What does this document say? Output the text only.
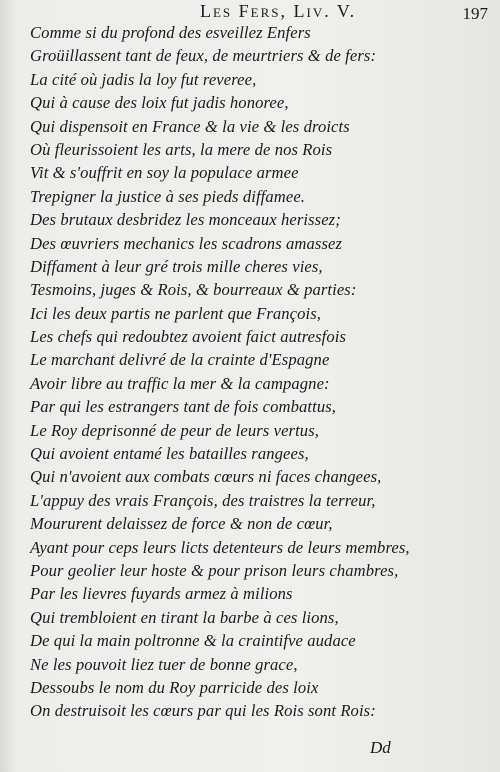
Les Fers, Liv. V.	197
Comme si du profond des esveillez Enfers
Groüillassent tant de feux, de meurtriers & de fers:
La cité où jadis la loy fut reveree,
Qui à cause des loix fut jadis honoree,
Qui dispensoit en France & la vie & les droicts
Où fleurissoient les arts, la mere de nos Rois
Vit & s'ouffrit en soy la populace armee
Trepigner la justice à ses pieds diffamee.
Des brutaux desbridez les monceaux herissez;
Des œuvriers mechanics les scadrons amassez
Diffament à leur gré trois mille cheres vies,
Tesmoins, juges & Rois, & bourreaux & parties:
Ici les deux partis ne parlent que François,
Les chefs qui redoubtez avoient faict autresfois
Le marchant delivré de la crainte d'Espagne
Avoir libre au traffic la mer & la campagne:
Par qui les estrangers tant de fois combattus,
Le Roy deprisonné de peur de leurs vertus,
Qui avoient entamé les batailles rangees,
Qui n'avoient aux combats cœurs ni faces changees,
L'appuy des vrais François, des traistres la terreur,
Moururent delaissez de force & non de cœur,
Ayant pour ceps leurs licts detenteurs de leurs membres,
Pour geolier leur hoste & pour prison leurs chambres,
Par les lievres fuyards armez à milions
Qui trembloient en tirant la barbe à ces lions,
De qui la main poltronne & la craintifve audace
Ne les pouvoit liez tuer de bonne grace,
Dessoubs le nom du Roy parricide des loix
On destruisoit les cœurs par qui les Rois sont Rois:
Dd
